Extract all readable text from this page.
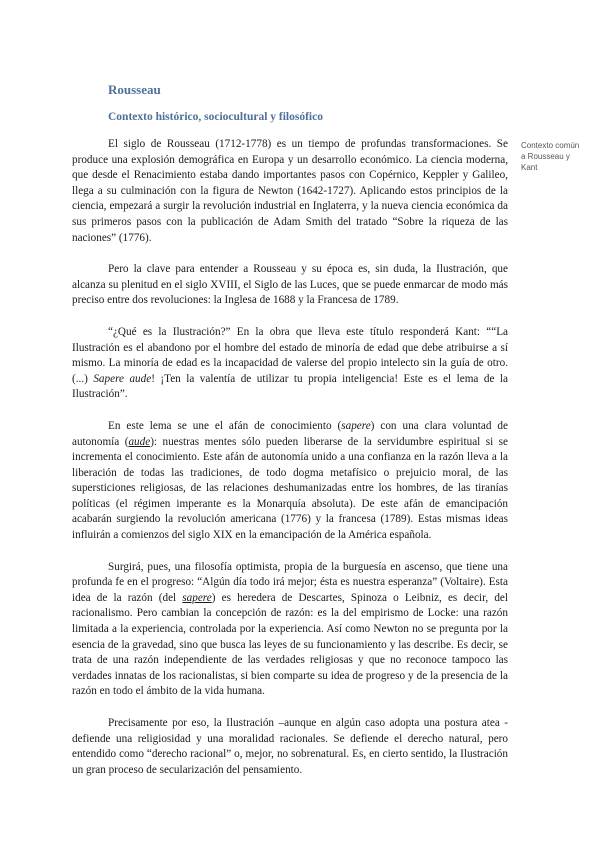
Rousseau
Contexto histórico, sociocultural y filosófico
Contexto común a Rousseau y Kant

El siglo de Rousseau (1712-1778) es un tiempo de profundas transformaciones. Se produce una explosión demográfica en Europa y un desarrollo económico. La ciencia moderna, que desde el Renacimiento estaba dando importantes pasos con Copérnico, Keppler y Galileo, llega a su culminación con la figura de Newton (1642-1727). Aplicando estos principios de la ciencia, empezará a surgir la revolución industrial en Inglaterra, y la nueva ciencia económica da sus primeros pasos con la publicación de Adam Smith del tratado “Sobre la riqueza de las naciones” (1776).

Pero la clave para entender a Rousseau y su época es, sin duda, la Ilustración, que alcanza su plenitud en el siglo XVIII, el Siglo de las Luces, que se puede enmarcar de modo más preciso entre dos revoluciones: la Inglesa de 1688 y la Francesa de 1789.

“¿Qué es la Ilustración?” En la obra que lleva este título responderá Kant: ““La Ilustración es el abandono por el hombre del estado de minoría de edad que debe atribuirse a sí mismo. La minoría de edad es la incapacidad de valerse del propio intelecto sin la guía de otro. (...) Sapere aude! ¡Ten la valentía de utilizar tu propia inteligencia! Este es el lema de la Ilustración”.

En este lema se une el afán de conocimiento (sapere) con una clara voluntad de autonomía (aude): nuestras mentes sólo pueden liberarse de la servidumbre espiritual si se incrementa el conocimiento. Este afán de autonomía unido a una confianza en la razón lleva a la liberación de todas las tradiciones, de todo dogma metafísico o prejuicio moral, de las supersticiones religiosas, de las relaciones deshumanizadas entre los hombres, de las tiranías políticas (el régimen imperante es la Monarquía absoluta). De este afán de emancipación acabarán surgiendo la revolución americana (1776) y la francesa (1789). Estas mismas ideas influirán a comienzos del siglo XIX en la emancipación de la América española.

Surgirá, pues, una filosofía optimista, propia de la burguesía en ascenso, que tiene una profunda fe en el progreso: “Algún día todo irá mejor; ésta es nuestra esperanza” (Voltaire). Esta idea de la razón (del sapere) es heredera de Descartes, Spinoza o Leibniz, es decir, del racionalismo. Pero cambian la concepción de razón: es la del empirismo de Locke: una razón limitada a la experiencia, controlada por la experiencia. Así como Newton no se pregunta por la esencia de la gravedad, sino que busca las leyes de su funcionamiento y las describe. Es decir, se trata de una razón independiente de las verdades religiosas y que no reconoce tampoco las verdades innatas de los racionalistas, si bien comparte su idea de progreso y de la presencia de la razón en todo el ámbito de la vida humana.

Precisamente por eso, la Ilustración –aunque en algún caso adopta una postura atea -defiende una religiosidad y una moralidad racionales. Se defiende el derecho natural, pero entendido como “derecho racional” o, mejor, no sobrenatural. Es, en cierto sentido, la Ilustración un gran proceso de secularización del pensamiento.
